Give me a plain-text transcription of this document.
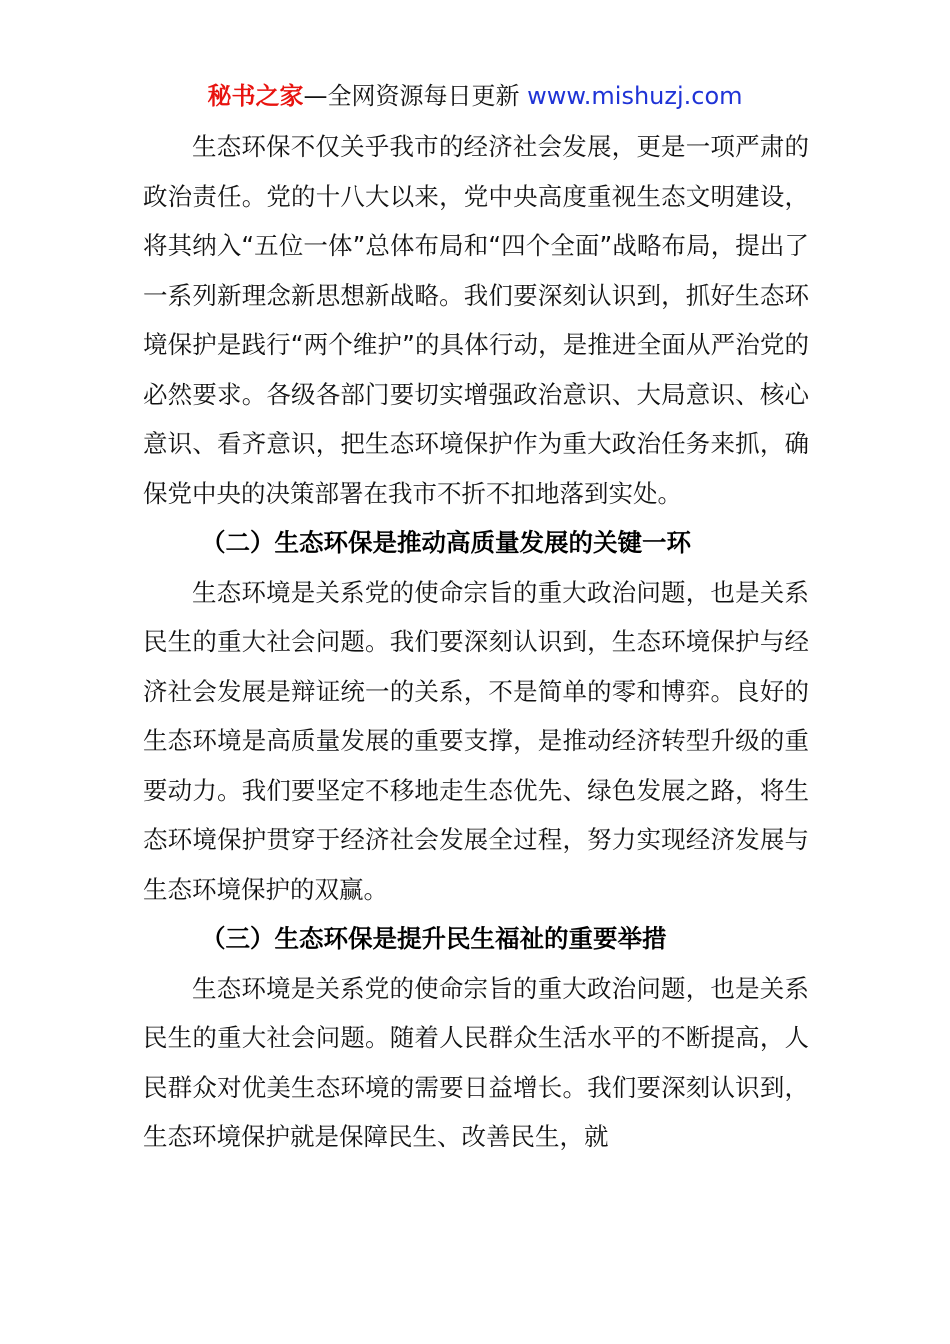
秘书之家—全网资源每日更新 www.mishuzj.com

生态环保不仅关乎我市的经济社会发展，更是一项严肃的政治责任。党的十八大以来，党中央高度重视生态文明建设，将其纳入“五位一体”总体布局和“四个全面”战略布局，提出了一系列新理念新思想新战略。我们要深刻认识到，抓好生态环境保护是践行“两个维护”的具体行动，是推进全面从严治党的必然要求。各级各部门要切实增强政治意识、大局意识、核心意识、看齐意识，把生态环境保护作为重大政治任务来抓，确保党中央的决策部署在我市不折不扣地落到实处。

（二）生态环保是推动高质量发展的关键一环

生态环境是关系党的使命宗旨的重大政治问题，也是关系民生的重大社会问题。我们要深刻认识到，生态环境保护与经济社会发展是辩证统一的关系，不是简单的零和博弈。良好的生态环境是高质量发展的重要支撑，是推动经济转型升级的重要动力。我们要坚定不移地走生态优先、绿色发展之路，将生态环境保护贯穿于经济社会发展全过程，努力实现经济发展与生态环境保护的双赢。

（三）生态环保是提升民生福祉的重要举措

生态环境是关系党的使命宗旨的重大政治问题，也是关系民生的重大社会问题。随着人民群众生活水平的不断提高，人民群众对优美生态环境的需要日益增长。我们要深刻认识到，生态环境保护就是保障民生、改善民生，就
